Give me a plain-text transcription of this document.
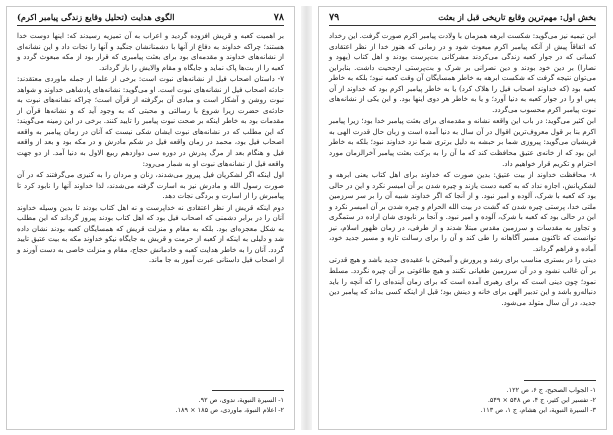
بخش اول: مهم‌ترین وقایع تاریخی قبل از بعثت
۷۹

ابن تیمیه نیز می‌گوید: شکست ابرهه همزمان با ولادت پیامبر اکرم صورت گرفت. این رخداد که اتفاقاً پیش از آنکه پیامبر اکرم مبعوث شود و در زمانی که هنوز خدا از نظر اعتقادی کسانی که در جوار کعبه زندگی می‌کردند مشرکانی بت‌پرست بودند و اهل کتاب (یهود و نصارا) بر دین خود بودند و دین نصرانی بر شرک و بت‌پرستی ارجحیت داشت. بنابراین می‌توان نتیجه گرفت که شکست ابرهه به خاطر همسایگان آن وقت کعبه نبود؛ بلکه به خاطر کعبه بود (که خداوند اصحاب فیل را هلاک کرد) یا به خاطر پیامبر اکرم بود که خداوند از آن پس او را در جوار کعبه به دنیا آورد؛ و یا به خاطر هر دوی اینها بود. و این یکی از نشانه‌های نبوت پیامبر اکرم محسوب می‌گردد.

ابن کثیر می‌گوید: در باب این واقعه نشانه و مقدمه‌ای برای بعثت پیامبر خدا بود؛ زیرا پیامبر اکرم بنا بر قول معروف‌ترین اقوال در آن سال به دنیا آمده است و زبان حال قدرت الهی به قریشیان می‌گوید: پیروزی شما بر حبشه به دلیل برتری شما نزد خداوند نبود؛ بلکه به خاطر این بود که از خانه‌ی عتیق محافظت کند که ما آن را به برکت بعثت پیامبر آخرالزمان مورد احترام و تکریم قرار خواهیم داد.

۸- محافظت خداوند از بیت عتیق: بدین صورت که خداوند برای اهل کتاب یعنی ابرهه و لشکریانش، اجازه نداد که به کعبه دست یازند و چیره شدن بر آن امیسر نکرد و این در حالی بود که کعبه با شرک، آلوده و امیر نبود. و از آنجا که اگر خداوند شبیه آن را بر سر سرزمین ملتی خدا، پرستی چیره شدن که گشت در بیت الله الحرام و چیره شدن بر آن امیسر نکرد و این در حالی بود که کعبه با شرک، آلوده و امیر نبود. و آنجا بر نابودی شان اراده در ستمگری و تجاوز به مقدسات و سرزمین مقدس مبتلا شدند و از طرفی، در زمان ظهور اسلام، نیز توانست که تاکنون مسیر آگاهانه را طی کند و آن را برای رسالت تازه و مسیر جدید خود، آماده و فراهم گرداند.

دینی را در بستری مناسب برای رشد و پرورش و آمیختن با عقیده‌ی جدید باشد و هیچ قدرتی بر آن غالب نشود و در آن سرزمین طغیانی نکنند و هیچ طاغوتی بر آن چیره نگردد. مسلط نمود؛ چون دینی است که برای رهبری آمده است که برای زمان آینده‌ای را که آنچه را باید دنباله‌رو باشد و این تدبیر الهی برای خانه و دینش بود؛ قبل از اینکه کسی بداند که پیامبر دین جدید، در آن سال متولد می‌شود.

۱- الجواب الصحیح، ج ۶، ص ۱۲۲.

۲- تفسیر ابن کثیر، ج ۴، ص ۵۴۸ × ۵۴۹.

۳- السیرة النبویة، ابن هشام، ج ۱، ص ۱۱۳.

۷۸
الگوی هدایت (تحلیل وقایع زندگی پیامبر اکرم)

بر اهمیت کعبه و قریش افزوده گردید و اعراب به آن تمیزیه رسیدند که: اینها دوست خدا هستند؛ چراکه خداوند به دفاع از آنها با دشمنانشان جنگید و آنها را نجات داد و این نشانه‌ای از نشانه‌های خداوند و مقدمه‌ای بود برای بعثت پیامبری که قرار بود از مکه مبعوث گردد و کعبه را از بت‌ها پاک نماید و جایگاه و مقام والایش را باز گرداند.

۷- داستان اصحاب فیل از نشانه‌های نبوت است: برخی از علما از جمله ماوردی معتقدند: حادثه اصحاب فیل از نشانه‌های نبوت است. او می‌گوید: نشانه‌های پادشاهی خداوند و شواهد نبوت روشن و آشکار است و مبادی آن برگرفته از قرآن است؛ چراکه نشانه‌های نبوت به حادثه‌ی حضرت زیرا شروع با رسالتی و محبتی که به وجود آید که و نشانه‌ها قرآن از مقدمات بود به خاطر اینکه بر صحت نبوت پیامبر را تایید کنند. برخی در این زمینه می‌گویند: که این مطلب که در نشانه‌های نبوت ایشان شکی نیست که آنان در زمان پیامبر به واقعه اصحاب فیل بود، محمد در زمان واقعه فیل در شکم مادرش و در مکه بود و بعد از واقعه فیل و هنگام بعد از مرگ پدرش در دوره سی دوازدهم ربیع الاول به دنیا آمد. از دو جهت واقعه فیل از نشانه‌های نبوت او به شمار می‌رود:

اول اینکه اگر لشکریان فیل پیروز می‌شدند، زنان و مردان را به کنیزی می‌گرفتند که در آن صورت رسول الله و مادرش نیز به اسارت گرفته می‌شدند، لذا خداوند آنها را نابود کرد تا پیامبرش را از اسارت و بردگی نجات دهد.

دوم اینکه قریش از نظر اعتقادی نه خداپرست و نه اهل کتاب بودند تا بدین وسیله خداوند آنان را در برابر دشمنی که اصحاب فیل بود که اهل کتاب بودند پیروز گرداند که این مطلب به شکل معجزه‌ای بود. بلکه به مقام و منزلت قریش که همسایگان کعبه بودند نشان داده شد و دلیلی به اینکه از کعبه از حرمت و قریش به جایگاه نیکو خداوند مکه به بیت عتیق تایید گردد. آنان را به خاطر هدایت کعبه و خادمانش حجاج، مقام و منزلت خاصی به دست آورند و از اصحاب فیل داستانی عبرت آموز به جا ماند.

۱- السیرة النبویة، ندوی، ص ۹۲.

۲- اعلام النبوة، ماوردی، ص ۱۸۵ × ۱۸۹.
